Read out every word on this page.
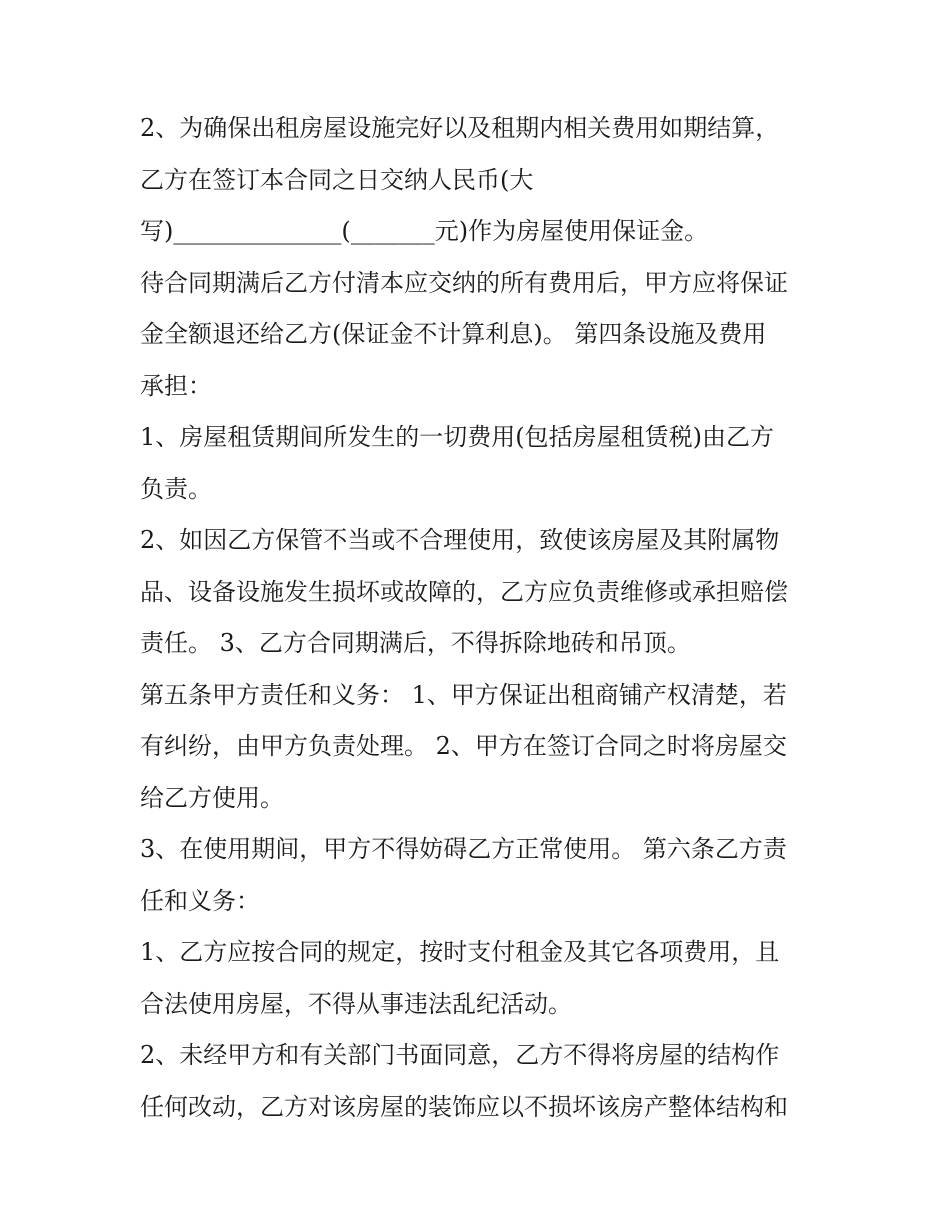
2、为确保出租房屋设施完好以及租期内相关费用如期结算，

乙方在签订本合同之日交纳人民币(大

写)______________(_______元)作为房屋使用保证金。

待合同期满后乙方付清本应交纳的所有费用后，甲方应将保证

金全额退还给乙方(保证金不计算利息)。 第四条设施及费用

承担：

1、房屋租赁期间所发生的一切费用(包括房屋租赁税)由乙方

负责。

2、如因乙方保管不当或不合理使用，致使该房屋及其附属物

品、设备设施发生损坏或故障的，乙方应负责维修或承担赔偿

责任。 3、乙方合同期满后，不得拆除地砖和吊顶。

第五条甲方责任和义务： 1、甲方保证出租商铺产权清楚，若

有纠纷，由甲方负责处理。 2、甲方在签订合同之时将房屋交

给乙方使用。

3、在使用期间，甲方不得妨碍乙方正常使用。 第六条乙方责

任和义务：

1、乙方应按合同的规定，按时支付租金及其它各项费用，且

合法使用房屋，不得从事违法乱纪活动。

2、未经甲方和有关部门书面同意，乙方不得将房屋的结构作

任何改动，乙方对该房屋的装饰应以不损坏该房产整体结构和
